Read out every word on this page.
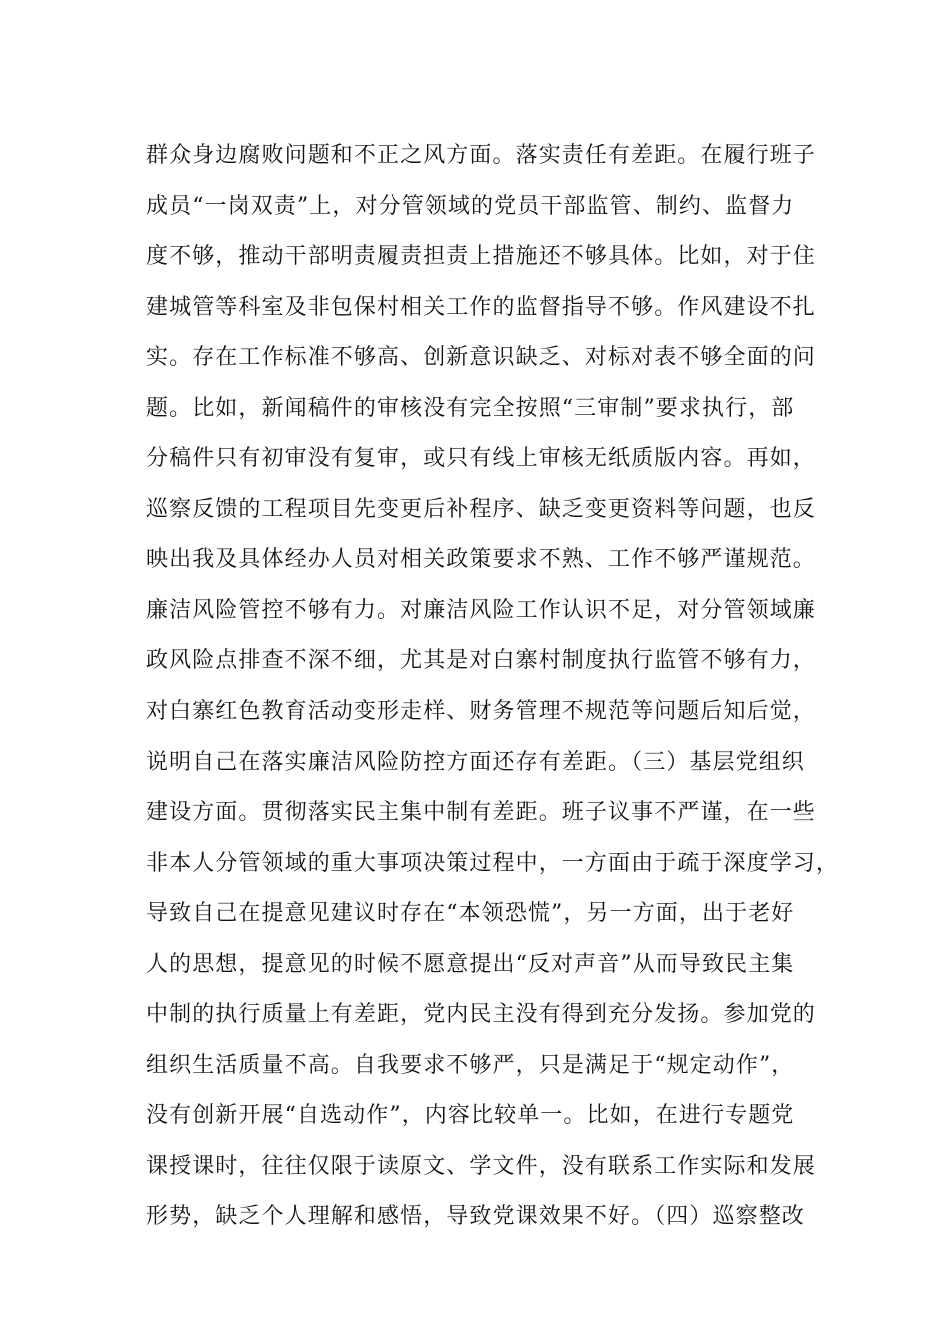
群众身边腐败问题和不正之风方面。落实责任有差距。在履行班子
成员“一岗双责”上，对分管领域的党员干部监管、制约、监督力
度不够，推动干部明责履责担责上措施还不够具体。比如，对于住
建城管等科室及非包保村相关工作的监督指导不够。作风建设不扎
实。存在工作标准不够高、创新意识缺乏、对标对表不够全面的问
题。比如，新闻稿件的审核没有完全按照“三审制”要求执行，部
分稿件只有初审没有复审，或只有线上审核无纸质版内容。再如，
巡察反馈的工程项目先变更后补程序、缺乏变更资料等问题，也反
映出我及具体经办人员对相关政策要求不熟、工作不够严谨规范。
廉洁风险管控不够有力。对廉洁风险工作认识不足，对分管领域廉
政风险点排查不深不细，尤其是对白寨村制度执行监管不够有力，
对白寨红色教育活动变形走样、财务管理不规范等问题后知后觉，
说明自己在落实廉洁风险防控方面还存有差距。（三）基层党组织
建设方面。贯彻落实民主集中制有差距。班子议事不严谨，在一些
非本人分管领域的重大事项决策过程中，一方面由于疏于深度学习，
导致自己在提意见建议时存在“本领恐慌”，另一方面，出于老好
人的思想，提意见的时候不愿意提出“反对声音”从而导致民主集
中制的执行质量上有差距，党内民主没有得到充分发扬。参加党的
组织生活质量不高。自我要求不够严，只是满足于“规定动作”，
没有创新开展“自选动作”，内容比较单一。比如，在进行专题党
课授课时，往往仅限于读原文、学文件，没有联系工作实际和发展
形势，缺乏个人理解和感悟，导致党课效果不好。（四）巡察整改
